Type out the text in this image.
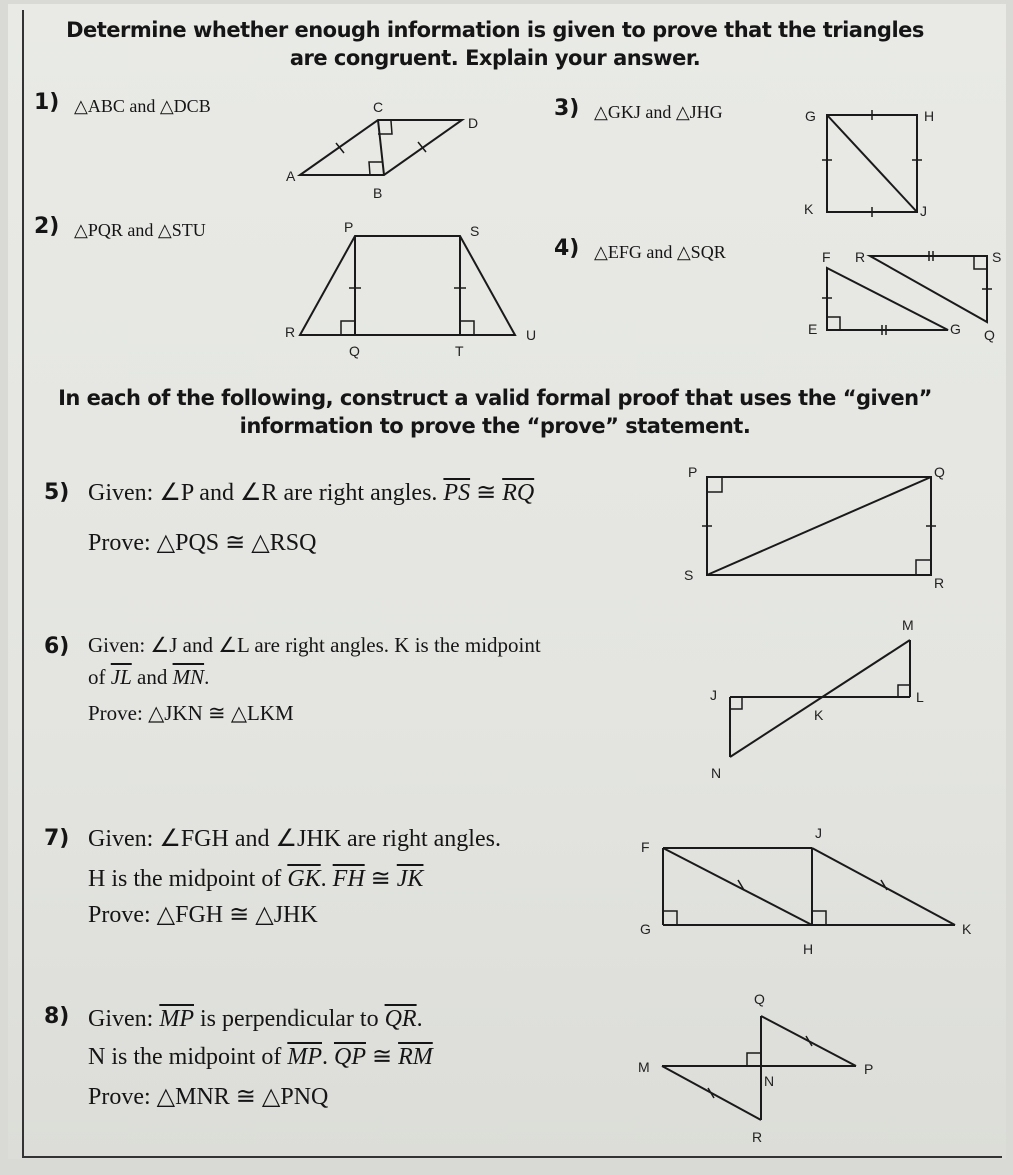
Determine whether enough information is given to prove that the triangles
are congruent. Explain your answer.
1) △ABC and △DCB
2) △PQR and △STU
3) △GKJ and △JHG
4) △EFG and △SQR
In each of the following, construct a valid formal proof that uses the “given”
information to prove the “prove” statement.
5) Given: ∠P and ∠R are right angles. $\overline{PS}$ ≅ $\overline{RQ}$
Prove: △PQS ≅ △RSQ
6) Given: ∠J and ∠L are right angles. K is the midpoint
of $\overline{JL}$ and $\overline{MN}$.
Prove: △JKN ≅ △LKM
7) Given: ∠FGH and ∠JHK are right angles.
H is the midpoint of $\overline{GK}$. $\overline{FH}$ ≅ $\overline{JK}$
Prove: △FGH ≅ △JHK
8) Given: $\overline{MP}$ is perpendicular to $\overline{QR}$.
N is the midpoint of $\overline{MP}$. $\overline{QP}$ ≅ $\overline{RM}$
Prove: △MNR ≅ △PNQ
A
B
C
D
P
Q
R
S
T
U
G	H
K	J
E
F
G
R	S
Q
P	Q
R
S
J
K
L
M
N
F
G
H
J
K
M
N
P
Q
R
